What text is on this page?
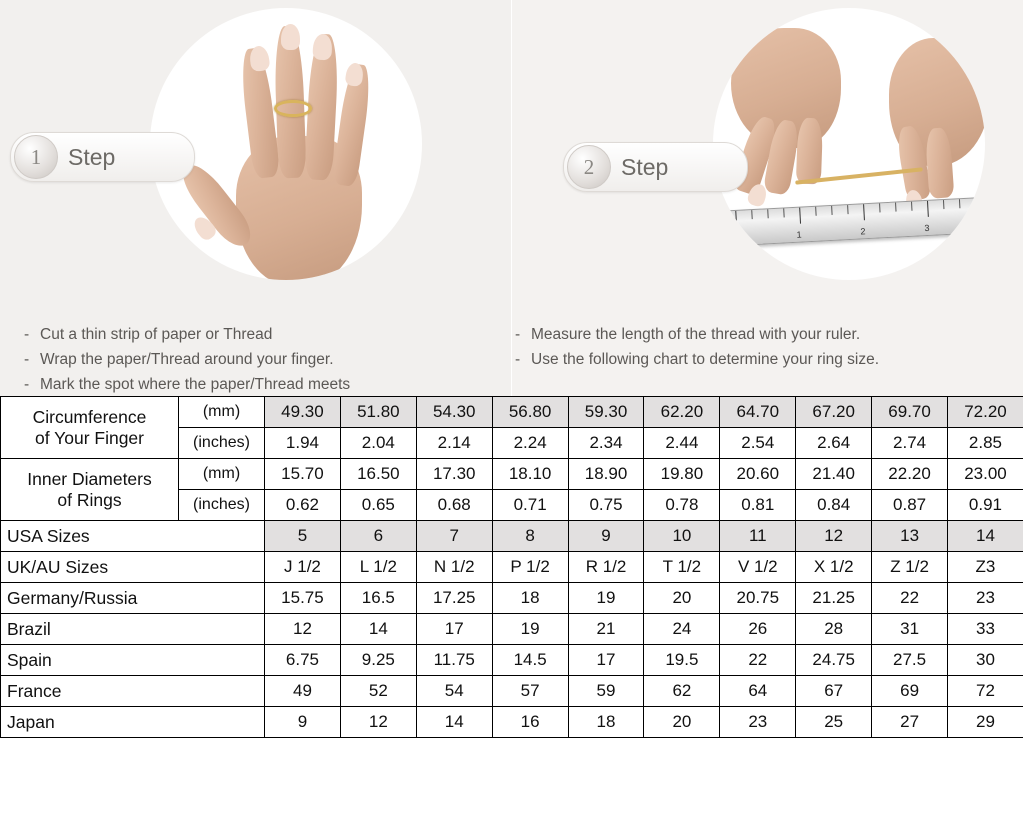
1	Step
- Cut a thin strip of paper or Thread
- Wrap the paper/Thread around your finger.
- Mark the spot where the paper/Thread meets
1	2	3
2	Step
- Measure the length of the thread with your ruler.
- Use the following chart to determine your ring size.
Circumference
of Your Finger	(mm)	49.30	51.80	54.30	56.80	59.30	62.20	64.70	67.20	69.70	72.20
	(inches)	1.94	2.04	2.14	2.24	2.34	2.44	2.54	2.64	2.74	2.85

Inner Diameters
of Rings	(mm)	15.70	16.50	17.30	18.10	18.90	19.80	20.60	21.40	22.20	23.00
	(inches)	0.62	0.65	0.68	0.71	0.75	0.78	0.81	0.84	0.87	0.91
USA Sizes		5	6	7	8	9	10	11	12	13	14
UK/AU Sizes		J 1/2	L 1/2	N 1/2	P 1/2	R 1/2	T 1/2	V 1/2	X 1/2	Z 1/2	Z3
Germany/Russia		15.75	16.5	17.25	18	19	20	20.75	21.25	22	23
Brazil		12	14	17	19	21	24	26	28	31	33
Spain		6.75	9.25	11.75	14.5	17	19.5	22	24.75	27.5	30
France		49	52	54	57	59	62	64	67	69	72
Japan		9	12	14	16	18	20	23	25	27	29
